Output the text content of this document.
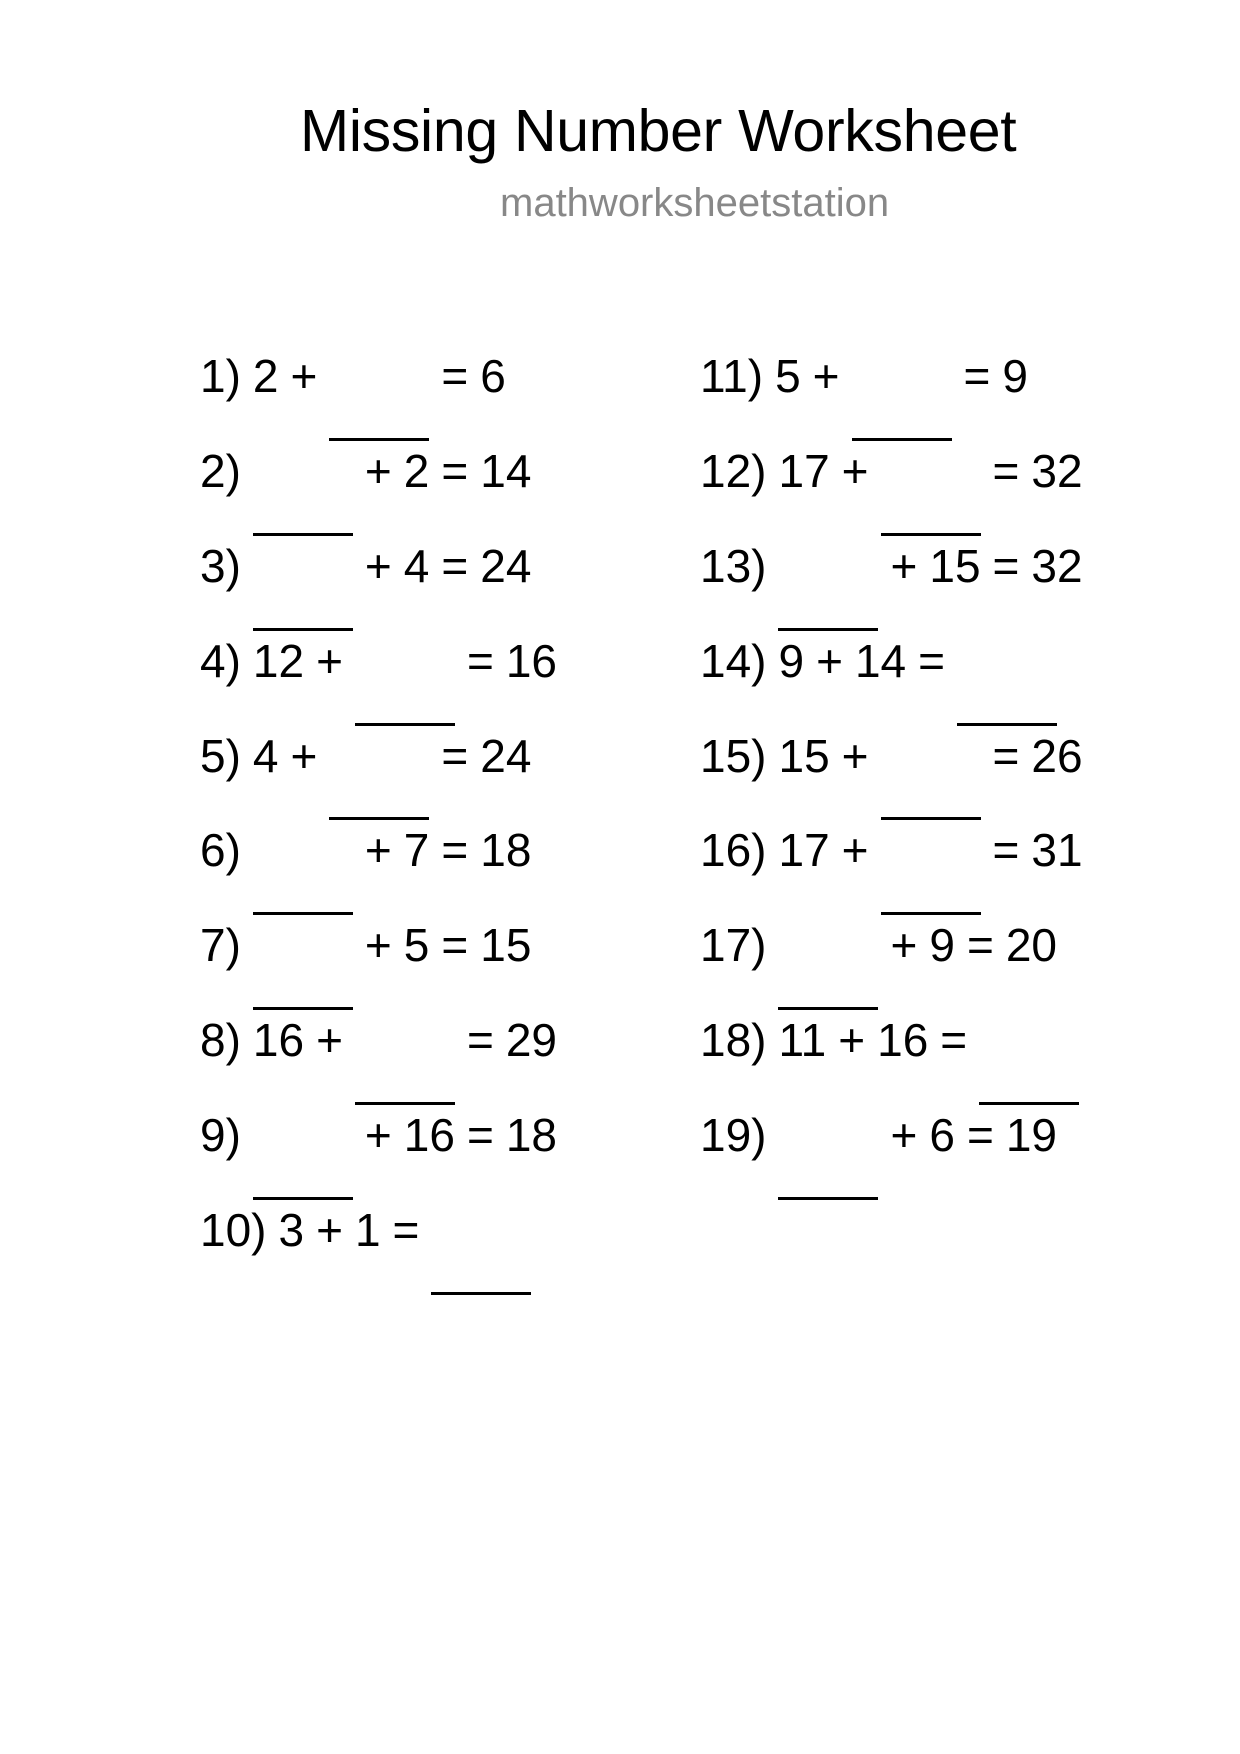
Missing Number Worksheet
mathworksheetstation
1) 2 +	= 6
2)	+ 2 = 14
3)	+ 4 = 24
4) 12 +	= 16
5) 4 +	= 24
6)	+ 7 = 18
7)	+ 5 = 15
8) 16 +	= 29
9)	+ 16 = 18
10) 3 + 1 =
11) 5 +	= 9
12) 17 +	= 32
13)	+ 15 = 32
14) 9 + 14 =
15) 15 +	= 26
16) 17 +	= 31
17)	+ 9 = 20
18) 11 + 16 =
19)	+ 6 = 19
